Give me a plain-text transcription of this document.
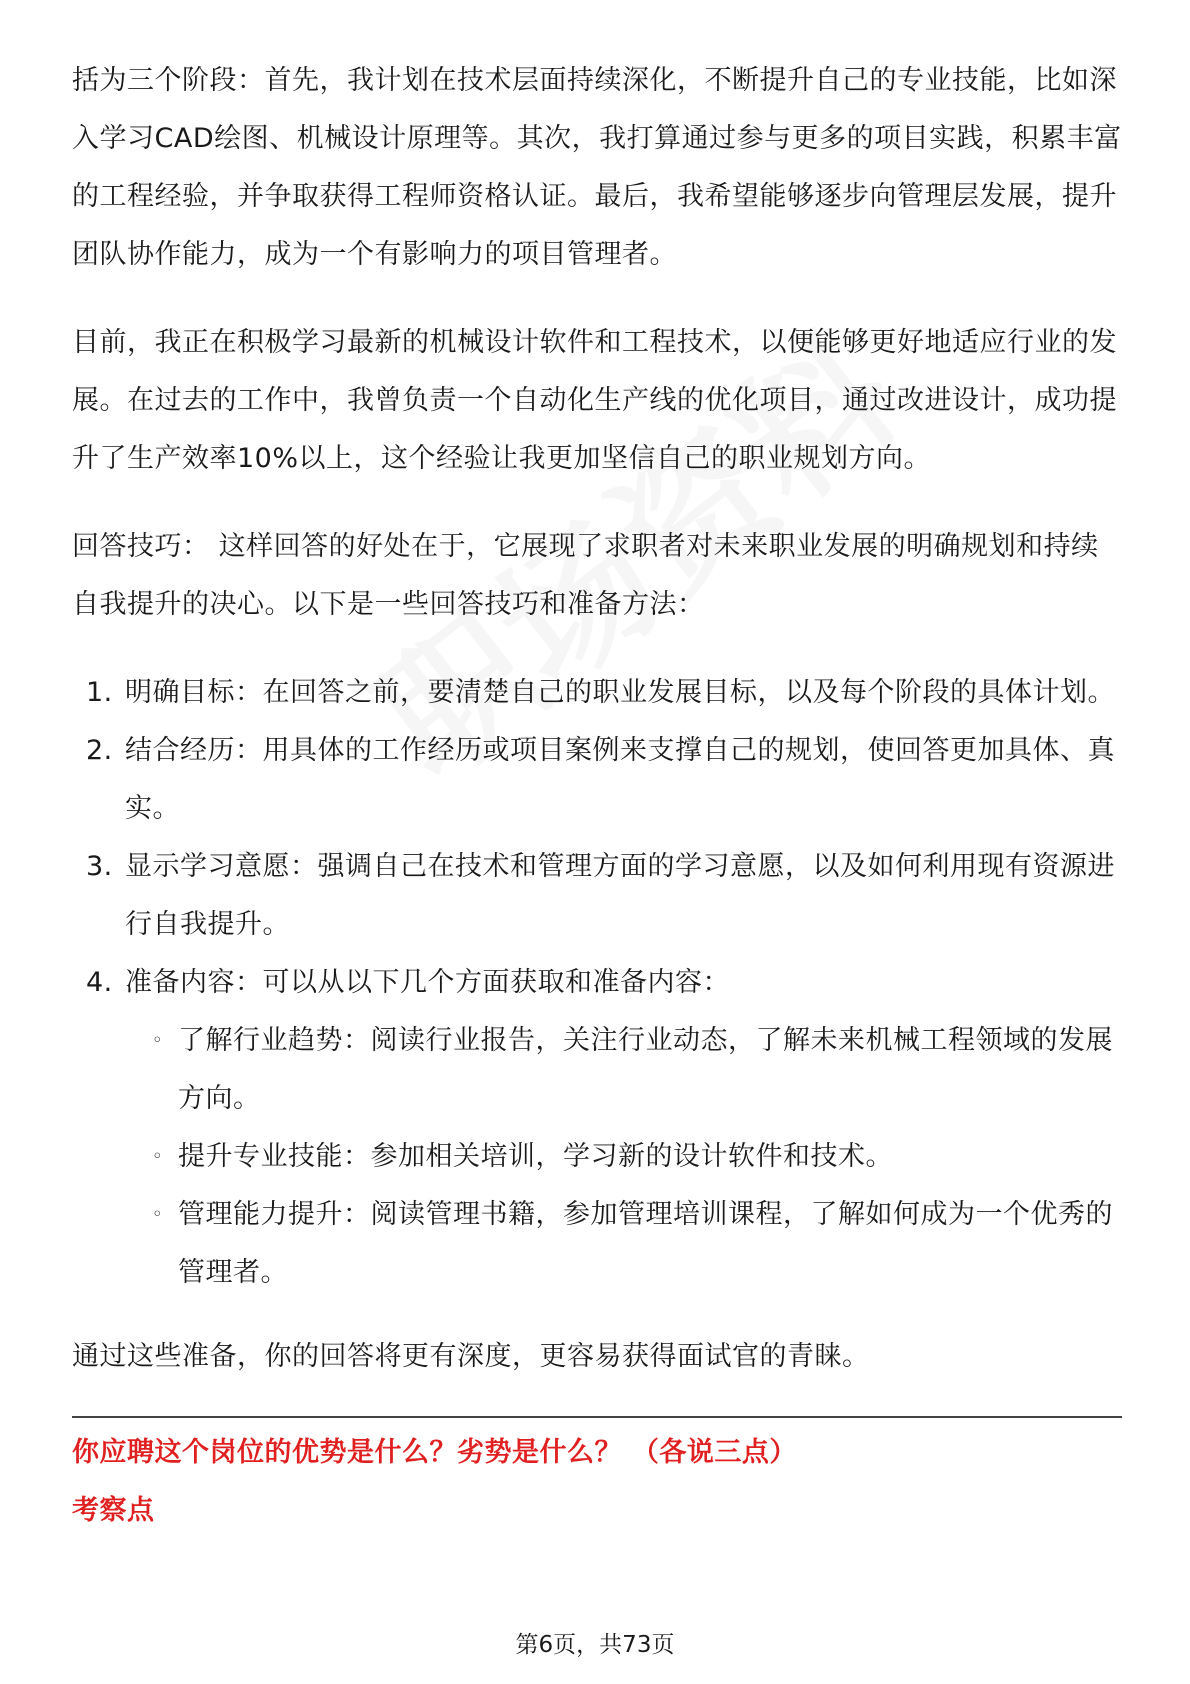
括为三个阶段：首先，我计划在技术层面持续深化，不断提升自己的专业技能，比如深入学习CAD绘图、机械设计原理等。其次，我打算通过参与更多的项目实践，积累丰富的工程经验，并争取获得工程师资格认证。最后，我希望能够逐步向管理层发展，提升团队协作能力，成为一个有影响力的项目管理者。

目前，我正在积极学习最新的机械设计软件和工程技术，以便能够更好地适应行业的发展。在过去的工作中，我曾负责一个自动化生产线的优化项目，通过改进设计，成功提升了生产效率10%以上，这个经验让我更加坚信自己的职业规划方向。

回答技巧： 这样回答的好处在于，它展现了求职者对未来职业发展的明确规划和持续自我提升的决心。以下是一些回答技巧和准备方法：

1. 明确目标：在回答之前，要清楚自己的职业发展目标，以及每个阶段的具体计划。
2. 结合经历：用具体的工作经历或项目案例来支撑自己的规划，使回答更加具体、真实。
3. 显示学习意愿：强调自己在技术和管理方面的学习意愿，以及如何利用现有资源进行自我提升。
4. 准备内容：可以从以下几个方面获取和准备内容：
◦ 了解行业趋势：阅读行业报告，关注行业动态，了解未来机械工程领域的发展方向。
◦ 提升专业技能：参加相关培训，学习新的设计软件和技术。
◦ 管理能力提升：阅读管理书籍，参加管理培训课程，了解如何成为一个优秀的管理者。

通过这些准备，你的回答将更有深度，更容易获得面试官的青睐。

你应聘这个岗位的优势是什么？劣势是什么？ （各说三点）
考察点
第6页，共73页
